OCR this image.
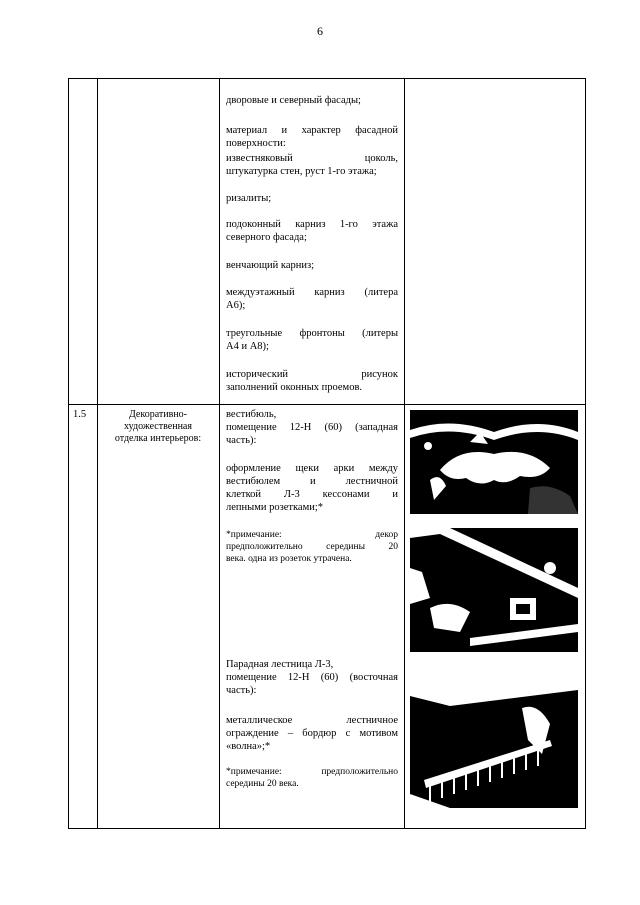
6
дворовые и северный фасады;
материал и характер фасадной
поверхности:
известняковый цоколь,
штукатурка стен, руст 1-го этажа;
ризалиты;
подоконный карниз 1-го этажа
северного фасада;
венчающий карниз;
междуэтажный карниз (литера
А6);
треугольные фронтоны (литеры
А4 и А8);
исторический рисунок
заполнений оконных проемов.
1.5	Декоративно-
художественная
отделка интерьеров:
вестибюль,
помещение 12-Н (60) (западная
часть):
оформление щеки арки между
вестибюлем и лестничной
клеткой Л-3 кессонами и
лепными розетками;*
*примечание: декор
предположительно середины 20
века. одна из розеток утрачена.
Парадная лестница Л-3,
помещение 12-Н (60) (восточная
часть):
металлическое лестничное
ограждение – бордюр с мотивом
«волна»;*
*примечание: предположительно
середины 20 века.
